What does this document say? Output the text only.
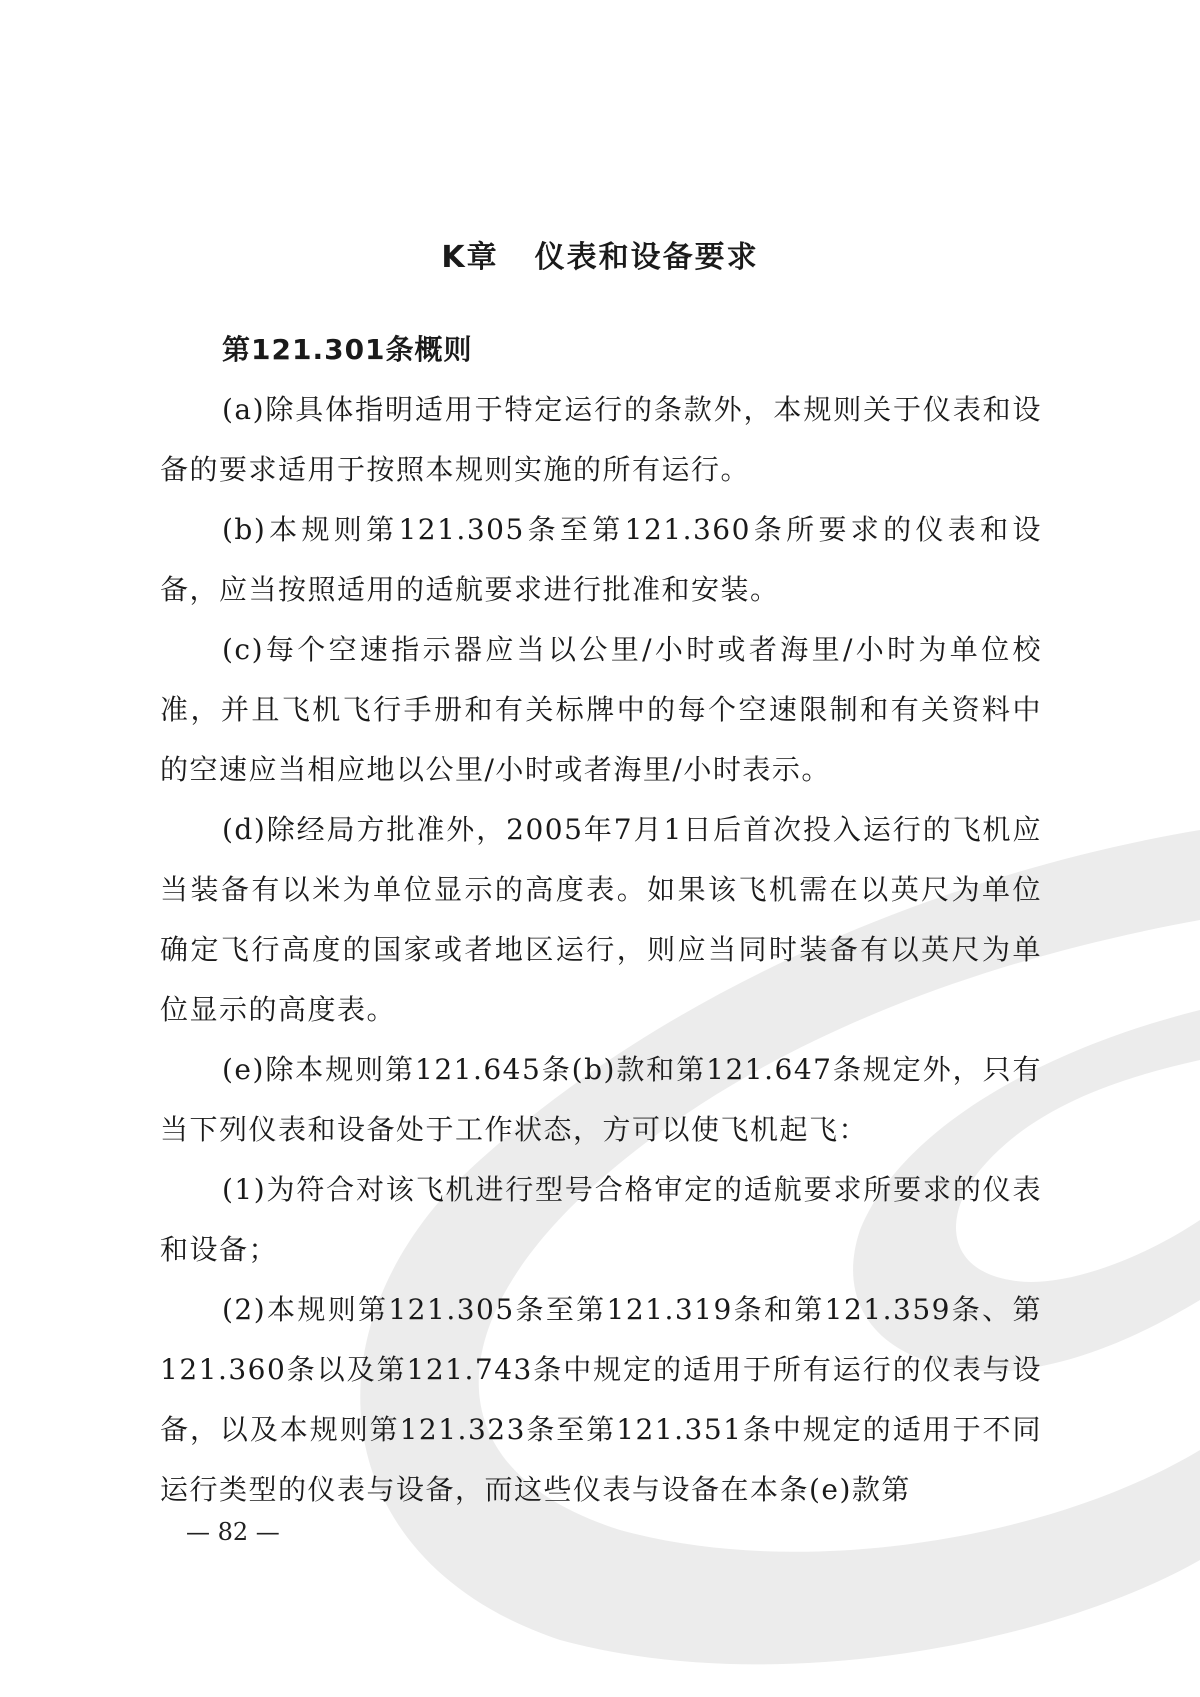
K章 仪表和设备要求
第121.301条概则

(a)除具体指明适用于特定运行的条款外，本规则关于仪表和设备的要求适用于按照本规则实施的所有运行。

(b)本规则第121.305条至第121.360条所要求的仪表和设备，应当按照适用的适航要求进行批准和安装。

(c)每个空速指示器应当以公里/小时或者海里/小时为单位校准，并且飞机飞行手册和有关标牌中的每个空速限制和有关资料中的空速应当相应地以公里/小时或者海里/小时表示。

(d)除经局方批准外，2005年7月1日后首次投入运行的飞机应当装备有以米为单位显示的高度表。如果该飞机需在以英尺为单位确定飞行高度的国家或者地区运行，则应当同时装备有以英尺为单位显示的高度表。

(e)除本规则第121.645条(b)款和第121.647条规定外，只有当下列仪表和设备处于工作状态，方可以使飞机起飞：

(1)为符合对该飞机进行型号合格审定的适航要求所要求的仪表和设备；

(2)本规则第121.305条至第121.319条和第121.359条、第121.360条以及第121.743条中规定的适用于所有运行的仪表与设备，以及本规则第121.323条至第121.351条中规定的适用于不同运行类型的仪表与设备，而这些仪表与设备在本条(e)款第

— 82 —
